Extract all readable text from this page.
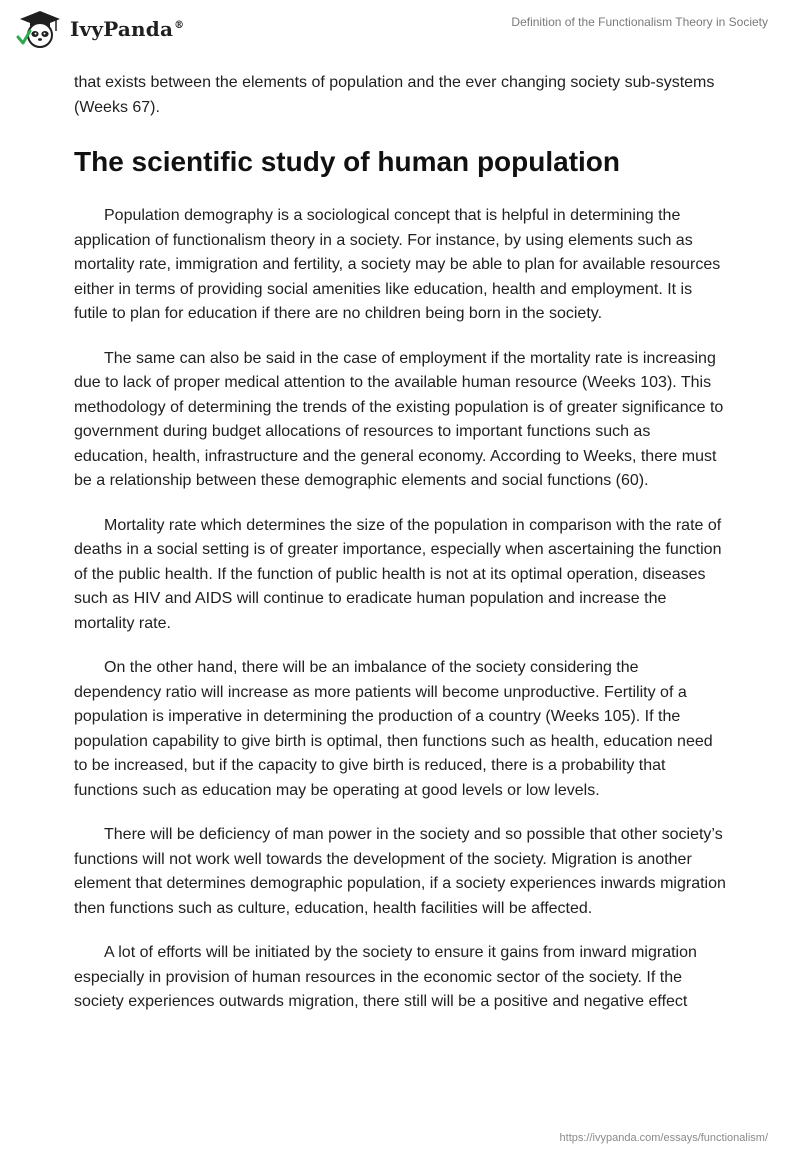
IvyPanda®	Definition of the Functionalism Theory in Society

that exists between the elements of population and the ever changing society sub-systems (Weeks 67).

The scientific study of human population

Population demography is a sociological concept that is helpful in determining the application of functionalism theory in a society. For instance, by using elements such as mortality rate, immigration and fertility, a society may be able to plan for available resources either in terms of providing social amenities like education, health and employment. It is futile to plan for education if there are no children being born in the society.

The same can also be said in the case of employment if the mortality rate is increasing due to lack of proper medical attention to the available human resource (Weeks 103). This methodology of determining the trends of the existing population is of greater significance to government during budget allocations of resources to important functions such as education, health, infrastructure and the general economy. According to Weeks, there must be a relationship between these demographic elements and social functions (60).

Mortality rate which determines the size of the population in comparison with the rate of deaths in a social setting is of greater importance, especially when ascertaining the function of the public health. If the function of public health is not at its optimal operation, diseases such as HIV and AIDS will continue to eradicate human population and increase the mortality rate.

On the other hand, there will be an imbalance of the society considering the dependency ratio will increase as more patients will become unproductive. Fertility of a population is imperative in determining the production of a country (Weeks 105). If the population capability to give birth is optimal, then functions such as health, education need to be increased, but if the capacity to give birth is reduced, there is a probability that functions such as education may be operating at good levels or low levels.

There will be deficiency of man power in the society and so possible that other society’s functions will not work well towards the development of the society. Migration is another element that determines demographic population, if a society experiences inwards migration then functions such as culture, education, health facilities will be affected.

A lot of efforts will be initiated by the society to ensure it gains from inward migration especially in provision of human resources in the economic sector of the society. If the society experiences outwards migration, there still will be a positive and negative effect

https://ivypanda.com/essays/functionalism/
